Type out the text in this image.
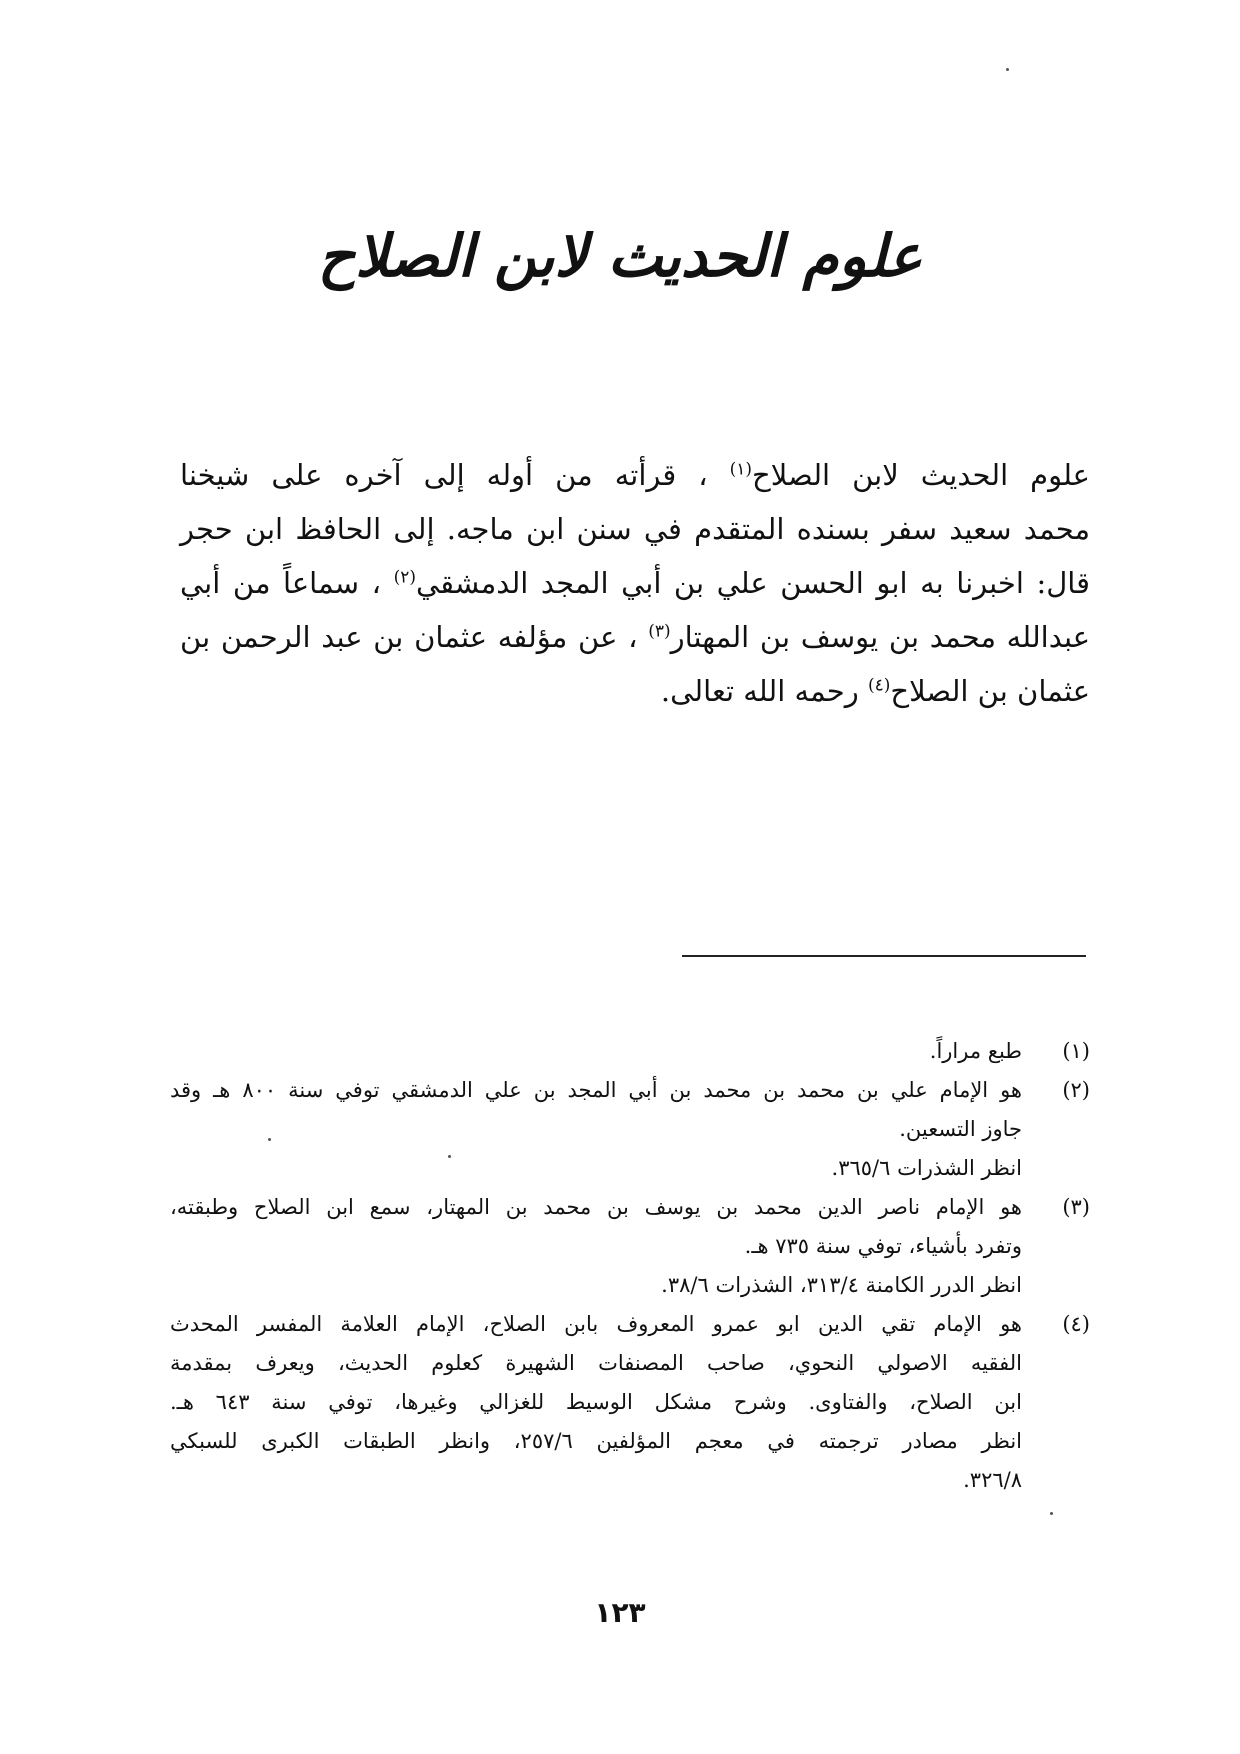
علوم الحديث لابن الصلاح
علوم الحديث لابن الصلاح$^{(١)}$ ، قرأته من أوله إلى آخره على شيخنا
محمد سعيد سفر بسنده المتقدم في سنن ابن ماجه. إلى الحافظ ابن حجر
قال: اخبرنا به ابو الحسن علي بن أبي المجد الدمشقي$^{(٢)}$ ، سماعاً من أبي
عبدالله محمد بن يوسف بن المهتار$^{(٣)}$ ، عن مؤلفه عثمان بن عبد الرحمن بن
عثمان بن الصلاح$^{(٤)}$ رحمه الله تعالى.
(١)
طبع مراراً.
(٢)
هو الإمام علي بن محمد بن محمد بن أبي المجد بن علي الدمشقي توفي سنة ٨٠٠ هـ وقد
جاوز التسعين.
انظر الشذرات ٣٦٥/٦.
(٣)
هو الإمام ناصر الدين محمد بن يوسف بن محمد بن المهتار، سمع ابن الصلاح وطبقته،
وتفرد بأشياء، توفي سنة ٧٣٥ هـ.
انظر الدرر الكامنة ٣١٣/٤، الشذرات ٣٨/٦.
(٤)
هو الإمام تقي الدين ابو عمرو المعروف بابن الصلاح، الإمام العلامة المفسر المحدث
الفقيه الاصولي النحوي، صاحب المصنفات الشهيرة كعلوم الحديث، ويعرف بمقدمة
ابن الصلاح، والفتاوى. وشرح مشكل الوسيط للغزالي وغيرها، توفي سنة ٦٤٣ هـ.
انظر مصادر ترجمته في معجم المؤلفين ٢٥٧/٦، وانظر الطبقات الكبرى للسبكي
٣٢٦/٨.
١٢٣
